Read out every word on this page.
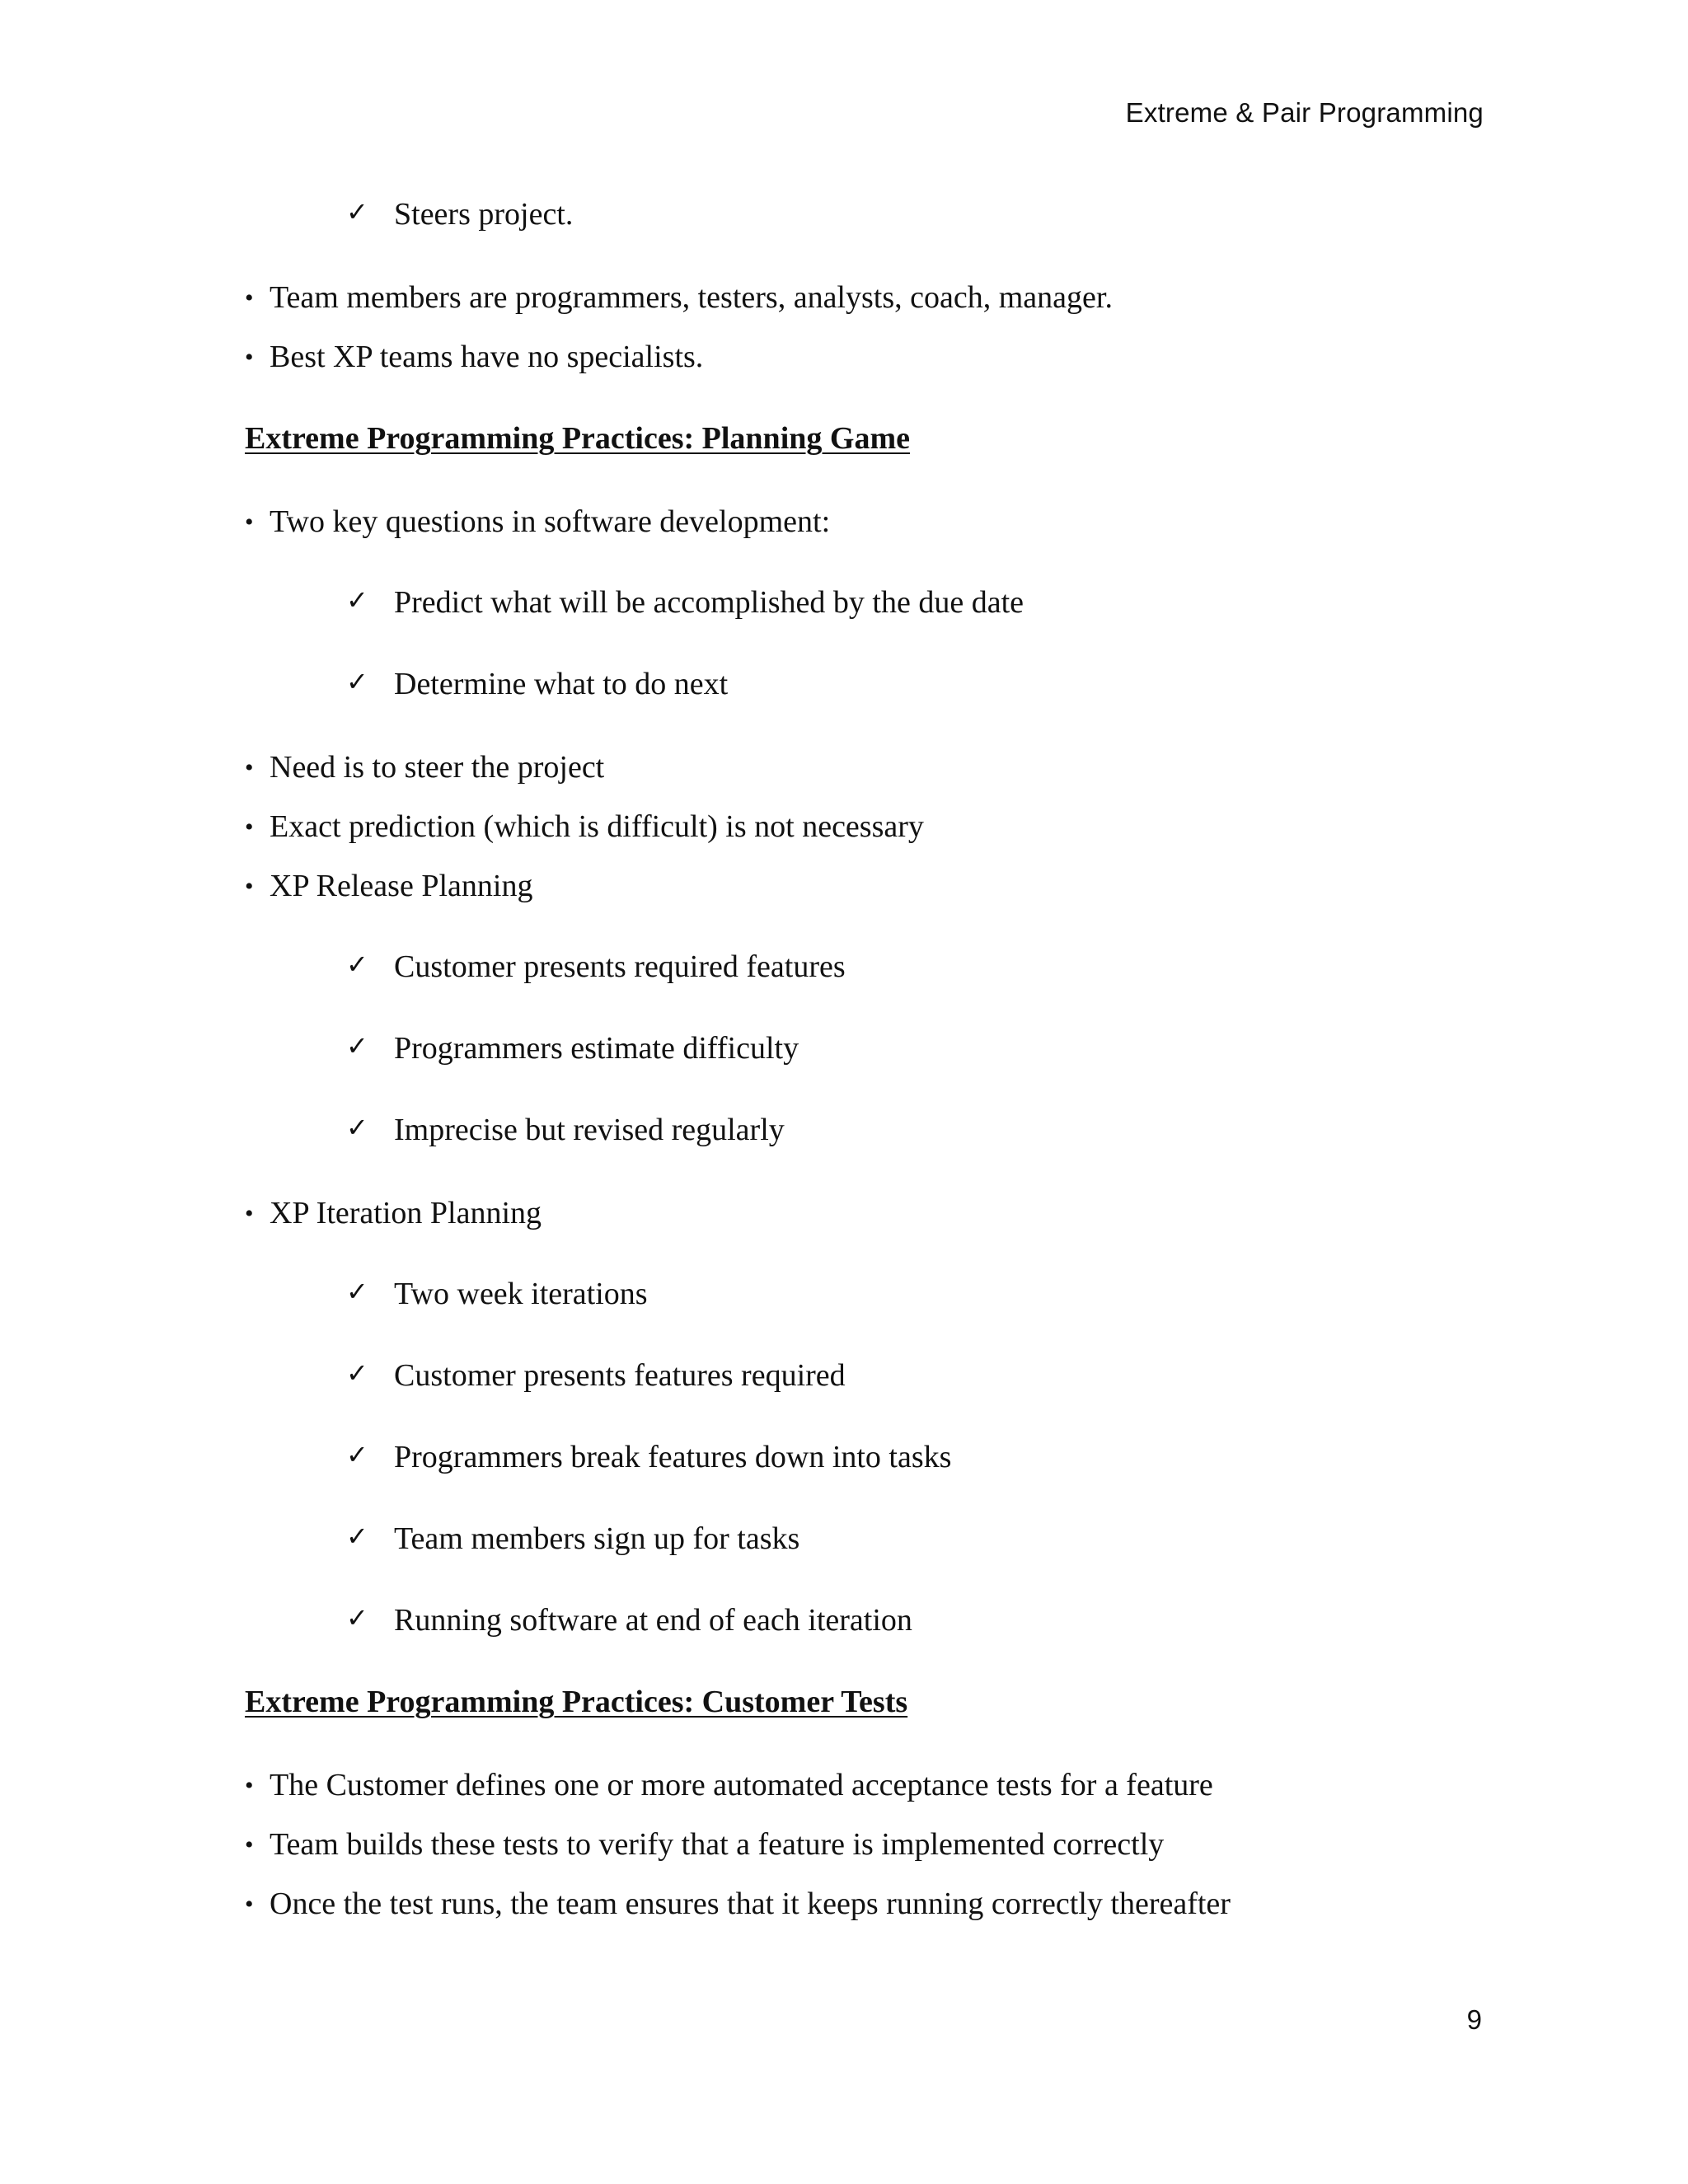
Extreme & Pair Programming
✓ Steers project.
• Team members are programmers, testers, analysts, coach, manager.
• Best XP teams have no specialists.
Extreme Programming Practices: Planning Game
• Two key questions in software development:
✓ Predict what will be accomplished by the due date
✓ Determine what to do next
• Need is to steer the project
• Exact prediction (which is difficult) is not necessary
• XP Release Planning
✓ Customer presents required features
✓ Programmers estimate difficulty
✓ Imprecise but revised regularly
• XP Iteration Planning
✓ Two week iterations
✓ Customer presents features required
✓ Programmers break features down into tasks
✓ Team members sign up for tasks
✓ Running software at end of each iteration
Extreme Programming Practices: Customer Tests
• The Customer defines one or more automated acceptance tests for a feature
• Team builds these tests to verify that a feature is implemented correctly
• Once the test runs, the team ensures that it keeps running correctly thereafter
9
